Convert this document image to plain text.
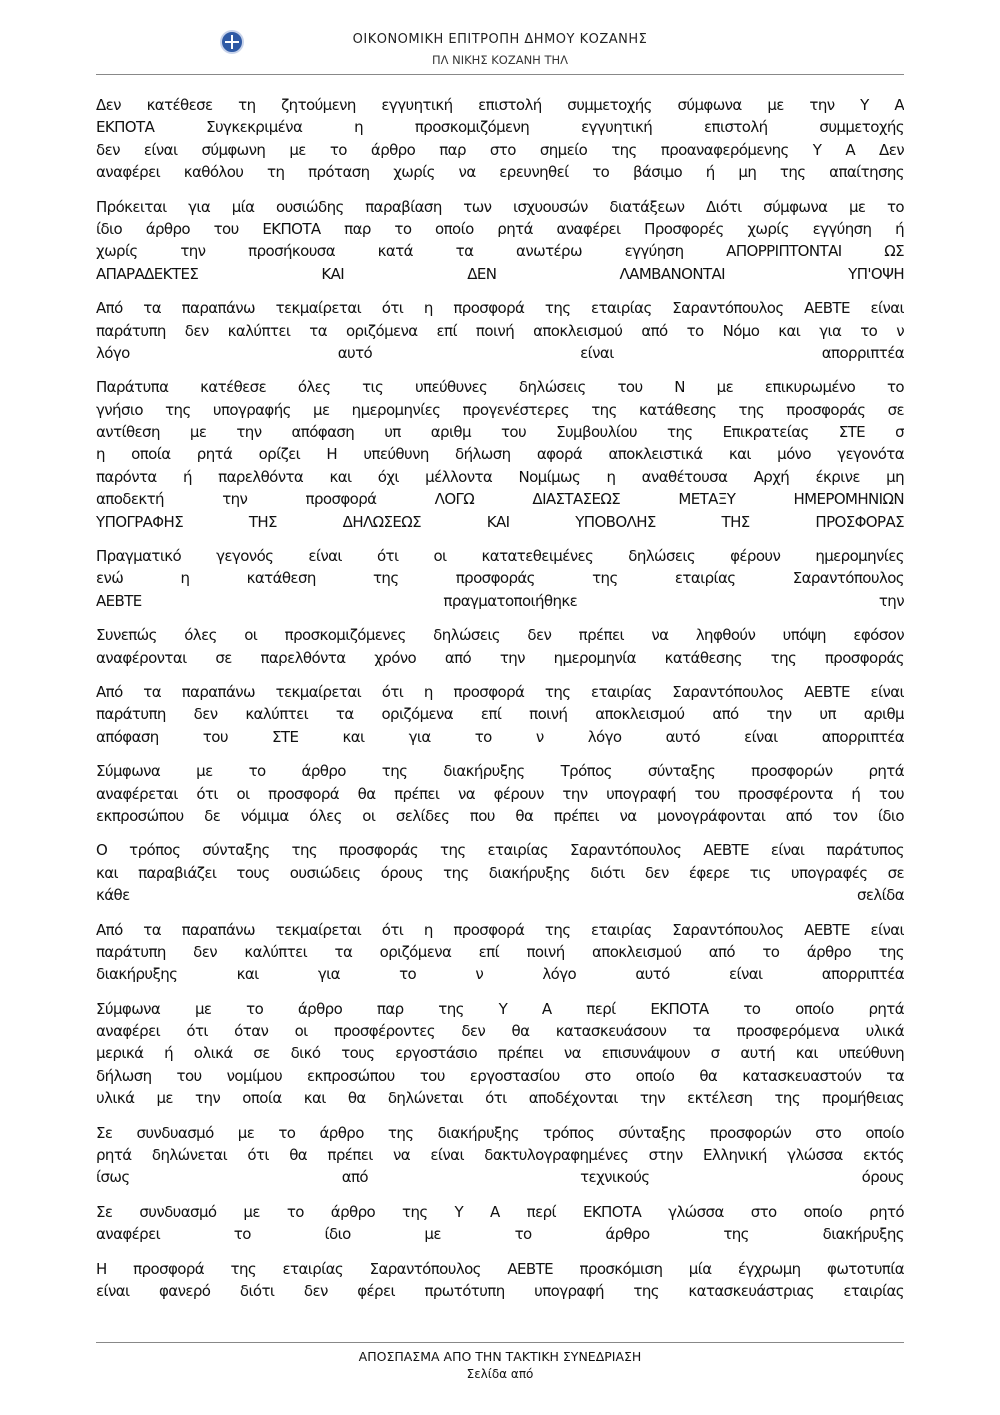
ΟΙΚΟΝΟΜΙΚΗ ΕΠΙΤΡΟΠΗ ΔΗΜΟΥ ΚΟΖΑΝΗΣ
ΠΛ ΝΙΚΗΣ ΚΟΖΑΝΗ ΤΗΛ
Δεν κατέθεσε τη ζητούμενη εγγυητική επιστολή συμμετοχής σύμφωνα με την Υ Α
ΕΚΠΟΤΑ Συγκεκριμένα η προσκομιζόμενη εγγυητική επιστολή συμμετοχής
δεν είναι σύμφωνη με το άρθρο παρ στο σημείο της προαναφερόμενης Υ Α Δεν
αναφέρει καθόλου τη πρόταση χωρίς να ερευνηθεί το βάσιμο ή μη της απαίτησης
Πρόκειται για μία ουσιώδης παραβίαση των ισχυουσών διατάξεων Διότι σύμφωνα με το
ίδιο άρθρο του ΕΚΠΟΤΑ παρ το οποίο ρητά αναφέρει Προσφορές χωρίς εγγύηση ή
χωρίς την προσήκουσα κατά τα ανωτέρω εγγύηση ΑΠΟΡΡΙΠΤΟΝΤΑΙ ΩΣ
ΑΠΑΡΑΔΕΚΤΕΣ ΚΑΙ ΔΕΝ ΛΑΜΒΑΝΟΝΤΑΙ ΥΠ'ΟΨΗ
Από τα παραπάνω τεκμαίρεται ότι η προσφορά της εταιρίας Σαραντόπουλος ΑΕΒΤΕ είναι
παράτυπη δεν καλύπτει τα οριζόμενα επί ποινή αποκλεισμού από το Νόμο και για το ν
λόγο αυτό είναι απορριπτέα
Παράτυπα κατέθεσε όλες τις υπεύθυνες δηλώσεις του Ν με επικυρωμένο το
γνήσιο της υπογραφής με ημερομηνίες προγενέστερες της κατάθεσης της προσφοράς σε
αντίθεση με την απόφαση υπ αριθμ του Συμβουλίου της Επικρατείας ΣΤΕ σ
η οποία ρητά ορίζει Η υπεύθυνη δήλωση αφορά αποκλειστικά και μόνο γεγονότα
παρόντα ή παρελθόντα και όχι μέλλοντα Νομίμως η αναθέτουσα Αρχή έκρινε μη
αποδεκτή την προσφορά ΛΟΓΩ ΔΙΑΣΤΑΣΕΩΣ ΜΕΤΑΞΥ ΗΜΕΡΟΜΗΝΙΩΝ
ΥΠΟΓΡΑΦΗΣ ΤΗΣ ΔΗΛΩΣΕΩΣ ΚΑΙ ΥΠΟΒΟΛΗΣ ΤΗΣ ΠΡΟΣΦΟΡΑΣ
Πραγματικό γεγονός είναι ότι οι κατατεθειμένες δηλώσεις φέρουν ημερομηνίες
ενώ η κατάθεση της προσφοράς της εταιρίας Σαραντόπουλος
ΑΕΒΤΕ πραγματοποιήθηκε την
Συνεπώς όλες οι προσκομιζόμενες δηλώσεις δεν πρέπει να ληφθούν υπόψη εφόσον
αναφέρονται σε παρελθόντα χρόνο από την ημερομηνία κατάθεσης της προσφοράς
Από τα παραπάνω τεκμαίρεται ότι η προσφορά της εταιρίας Σαραντόπουλος ΑΕΒΤΕ είναι
παράτυπη δεν καλύπτει τα οριζόμενα επί ποινή αποκλεισμού από την υπ αριθμ
απόφαση του ΣΤΕ και για το ν λόγο αυτό είναι απορριπτέα
Σύμφωνα με το άρθρο της διακήρυξης Τρόπος σύνταξης προσφορών ρητά
αναφέρεται ότι οι προσφορά θα πρέπει να φέρουν την υπογραφή του προσφέροντα ή του
εκπροσώπου δε νόμιμα όλες οι σελίδες που θα πρέπει να μονογράφονται από τον ίδιο
Ο τρόπος σύνταξης της προσφοράς της εταιρίας Σαραντόπουλος ΑΕΒΤΕ είναι παράτυπος
και παραβιάζει τους ουσιώδεις όρους της διακήρυξης διότι δεν έφερε τις υπογραφές σε
κάθε σελίδα
Από τα παραπάνω τεκμαίρεται ότι η προσφορά της εταιρίας Σαραντόπουλος ΑΕΒΤΕ είναι
παράτυπη δεν καλύπτει τα οριζόμενα επί ποινή αποκλεισμού από το άρθρο της
διακήρυξης και για το ν λόγο αυτό είναι απορριπτέα
Σύμφωνα με το άρθρο παρ της Υ Α περί ΕΚΠΟΤΑ το οποίο ρητά
αναφέρει ότι όταν οι προσφέροντες δεν θα κατασκευάσουν τα προσφερόμενα υλικά
μερικά ή ολικά σε δικό τους εργοστάσιο πρέπει να επισυνάψουν σ αυτή και υπεύθυνη
δήλωση του νομίμου εκπροσώπου του εργοστασίου στο οποίο θα κατασκευαστούν τα
υλικά με την οποία και θα δηλώνεται ότι αποδέχονται την εκτέλεση της προμήθειας
Σε συνδυασμό με το άρθρο της διακήρυξης τρόπος σύνταξης προσφορών στο οποίο
ρητά δηλώνεται ότι θα πρέπει να είναι δακτυλογραφημένες στην Ελληνική γλώσσα εκτός
ίσως από τεχνικούς όρους
Σε συνδυασμό με το άρθρο της Υ Α περί ΕΚΠΟΤΑ γλώσσα στο οποίο ρητό
αναφέρει το ίδιο με το άρθρο της διακήρυξης
Η προσφορά της εταιρίας Σαραντόπουλος ΑΕΒΤΕ προσκόμιση μία έγχρωμη φωτοτυπία
είναι φανερό διότι δεν φέρει πρωτότυπη υπογραφή της κατασκευάστριας εταιρίας
ΑΠΟΣΠΑΣΜΑ ΑΠΟ ΤΗΝ ΤΑΚΤΙΚΗ ΣΥΝΕΔΡΙΑΣΗ
Σελίδα από
